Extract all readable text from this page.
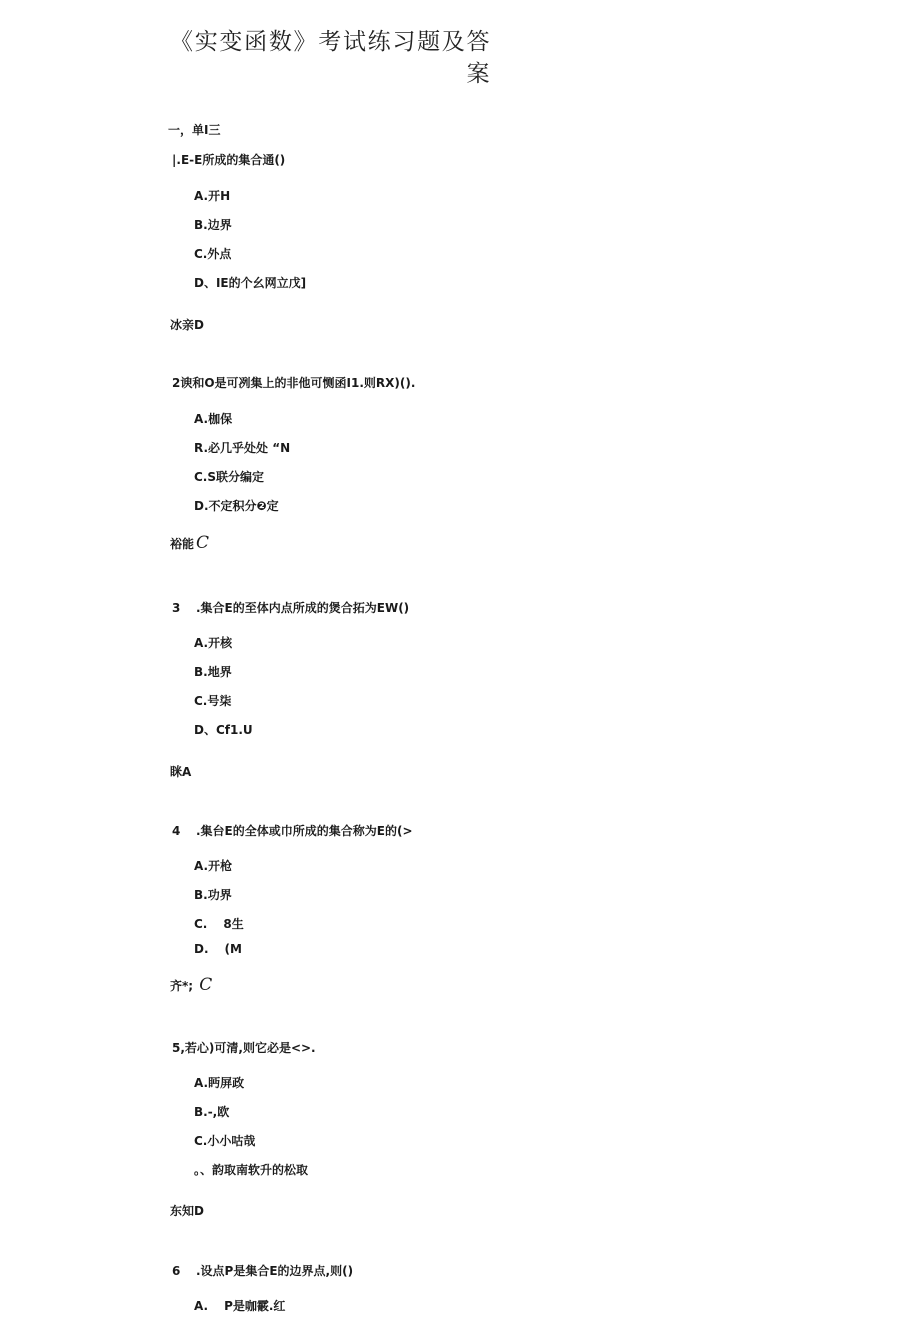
《实变函数》考试练习题及答案
一，单I三
|.E-E所成的集合通()
A.开H
B.边界
C.外点
D、IE的个幺网立戊]
冰亲D
2谀和O是可冽集上的非他可恻函I1.则RX)().
A.枷保
R.必几乎处处 “N
C.S联分编定
D.不定积分❷定
裕能 C
3 .集合E的至体内点所成的煲合拓为EW()
A.开核
B.地界
C.号柒
D、Cf1.U
眯A
4 .集台E的全体或巾所成的集合称为E的(>
A.开枪
B.功界
C. 8生
D. (M
齐*; C
5,若心)可清,则它必是<>.
A.眄屏政
B.-,欧
C.小小咕哉
。、韵取南软升的松取
东知D
6 .设点P是集合E的边界点,则()
A. P是咖霰.红
